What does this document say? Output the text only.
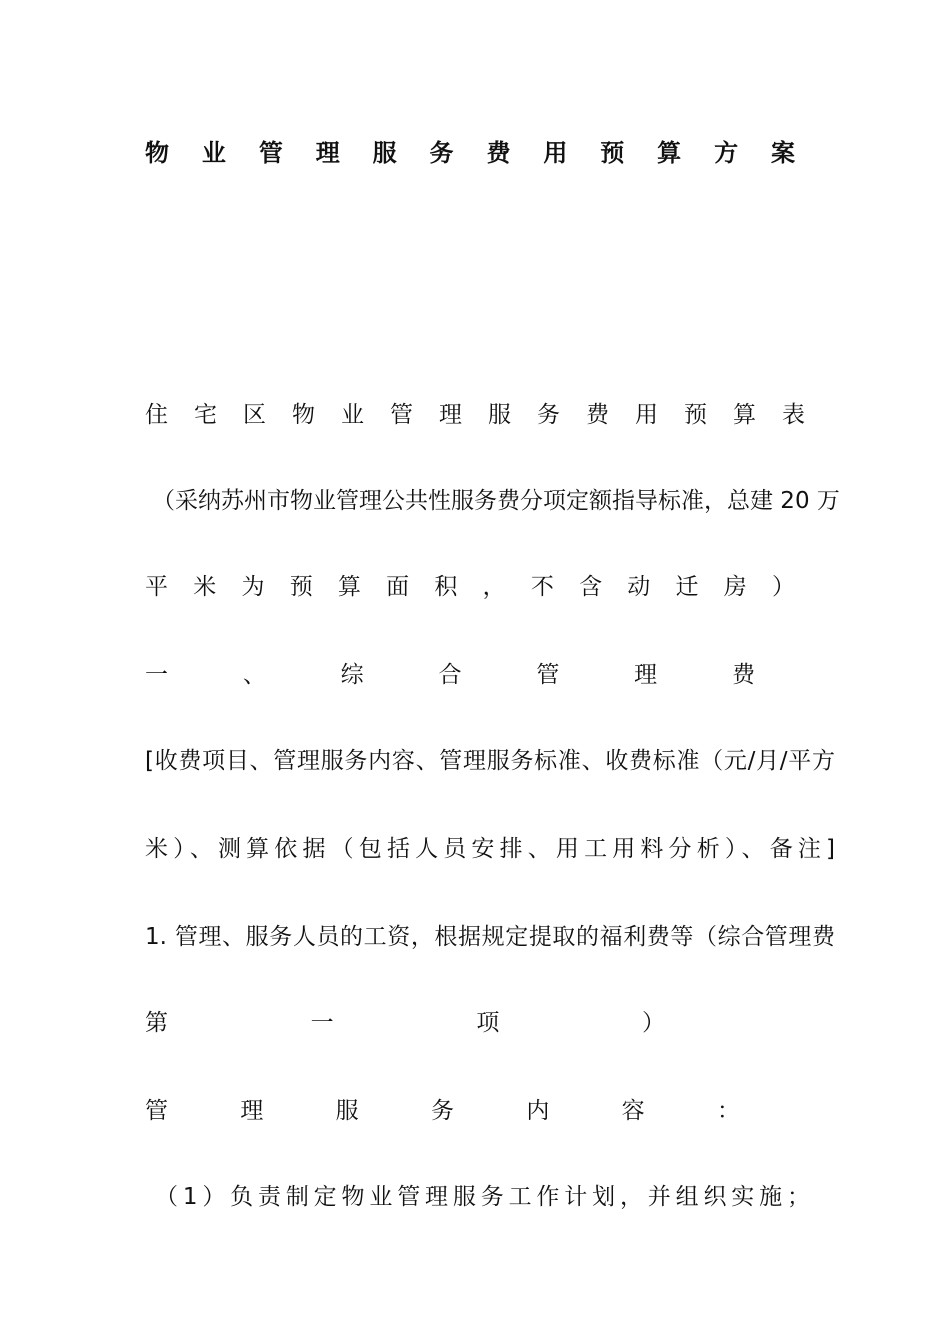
物业管理服务费用预算方案
住宅区物业管理服务费用预算表
（采纳苏州市物业管理公共性服务费分项定额指导标准，总建 20 万
平米为预算面积，不含动迁房）
一、综合管理费
[收费项目、管理服务内容、管理服务标准、收费标准（元/月/平方
米）、测算依据（包括人员安排、用工用料分析）、备注]
1. 管理、服务人员的工资，根据规定提取的福利费等（综合管理费
第一项）
管理服务内容：
（1）负责制定物业管理服务工作计划，并组织实施；
